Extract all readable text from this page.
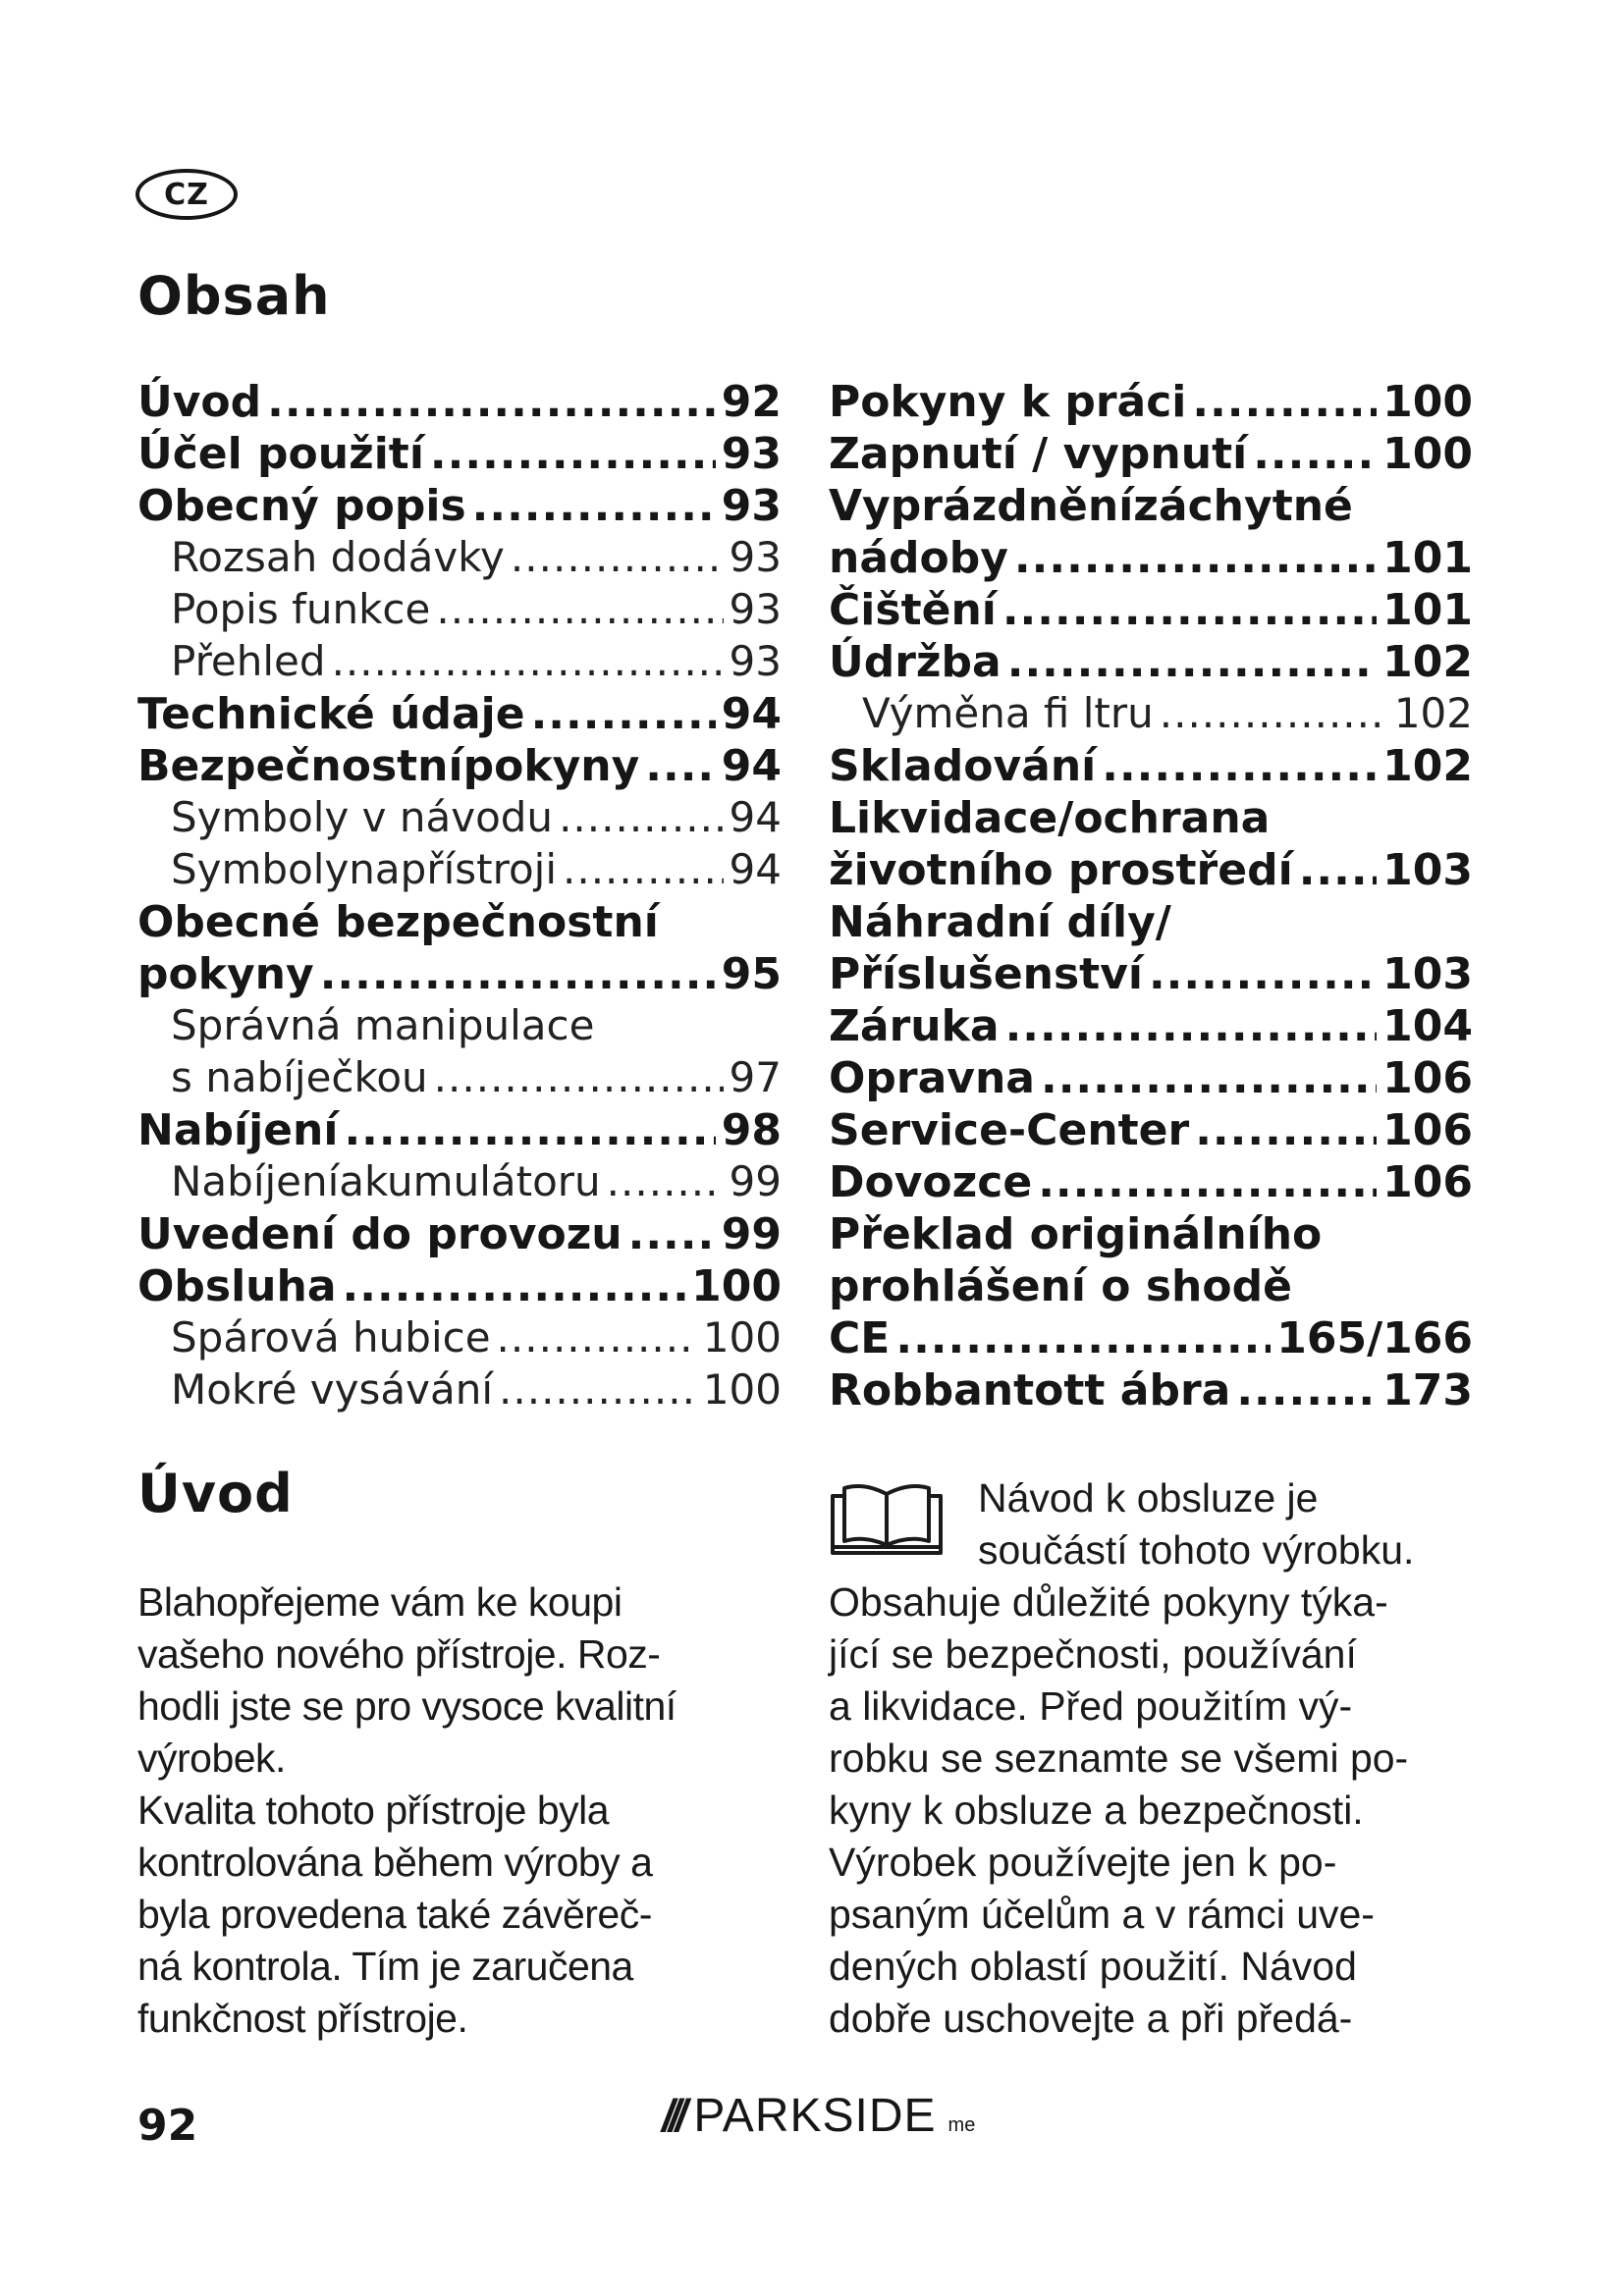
CZ
Obsah
Úvod .....	92
Účel použití .....	93
Obecný popis .....	93
Rozsah dodávky .....	93
Popis funkce .....	93
Přehled .....	93
Technické údaje .....	94
Bezpečnostnípokyny ..... 94
Symboly v návodu .....	94
Symbolynapřístroji .....	94
Obecné bezpečnostní
pokyny .....	95
Správná manipulace
s nabíječkou .....	97
Nabíjení .....	98
Nabíjeníakumulátoru .....	99
Uvedení do provozu ..... 99
Obsluha .....	100
Spárová hubice .....	100
Mokré vysávání .....	100
Pokyny k práci .....	100
Zapnutí / vypnutí .....	100
Vyprázdněnízáchytné
nádoby .....	101
Čištění .....	101
Údržba .....	102
Výměna fi ltru .....	102
Skladování .....	102
Likvidace/ochrana
životního prostředí ..... 103
Náhradní díly/
Příslušenství .....	103
Záruka .....	104
Opravna .....	106
Service-Center .....	106
Dovozce .....	106
Překlad originálního
prohlášení o shodě
CE .....	165/166
Robbantott ábra .....	173
Úvod

Blahopřejeme vám ke koupi
vašeho nového přístroje. Roz-
hodli jste se pro vysoce kvalitní
výrobek.
Kvalita tohoto přístroje byla
kontrolována během výroby a
byla provedena také závěreč-
ná kontrola. Tím je zaručena
funkčnost přístroje.

Návod k obsluze je
součástí tohoto výrobku.

Obsahuje důležité pokyny týka-
jící se bezpečnosti, používání
a likvidace. Před použitím vý-
robku se seznamte se všemi po-
kyny k obsluze a bezpečnosti.
Výrobek používejte jen k po-
psaným účelům a v rámci uve-
dených oblastí použití. Návod
dobře uschovejte a při předá-

92	/// PARKSIDE me
